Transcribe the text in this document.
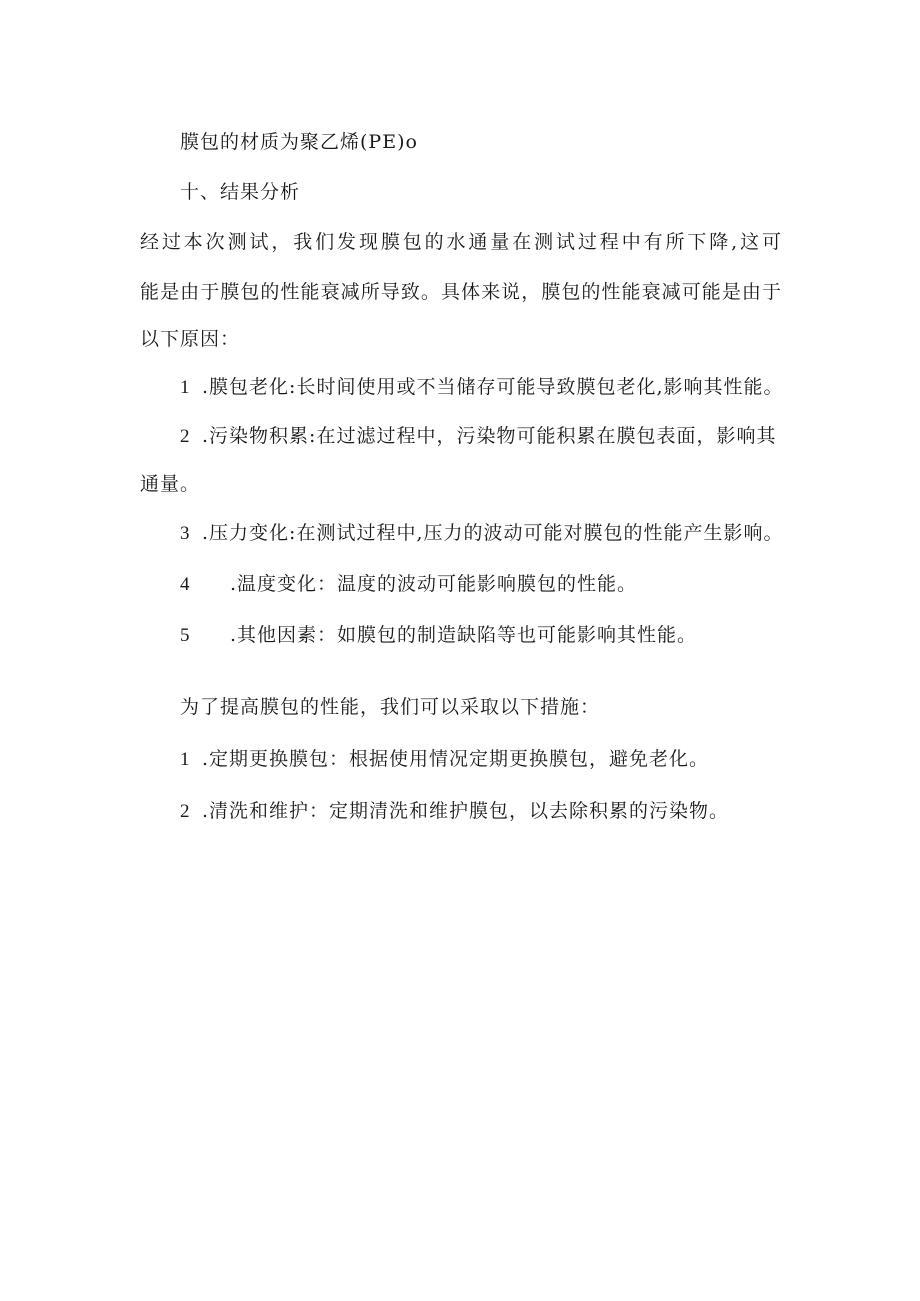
膜包的材质为聚乙烯(PE)o
十、结果分析
经过本次测试，我们发现膜包的水通量在测试过程中有所下降,这可
能是由于膜包的性能衰减所导致。具体来说，膜包的性能衰减可能是由于
以下原因：
1 .膜包老化:长时间使用或不当储存可能导致膜包老化,影响其性能。
2 .污染物积累:在过滤过程中，污染物可能积累在膜包表面，影响其
通量。
3 .压力变化:在测试过程中,压力的波动可能对膜包的性能产生影响。
4 .温度变化：温度的波动可能影响膜包的性能。
5 .其他因素：如膜包的制造缺陷等也可能影响其性能。
为了提高膜包的性能，我们可以采取以下措施：
1 .定期更换膜包：根据使用情况定期更换膜包，避免老化。
2 .清洗和维护：定期清洗和维护膜包，以去除积累的污染物。
